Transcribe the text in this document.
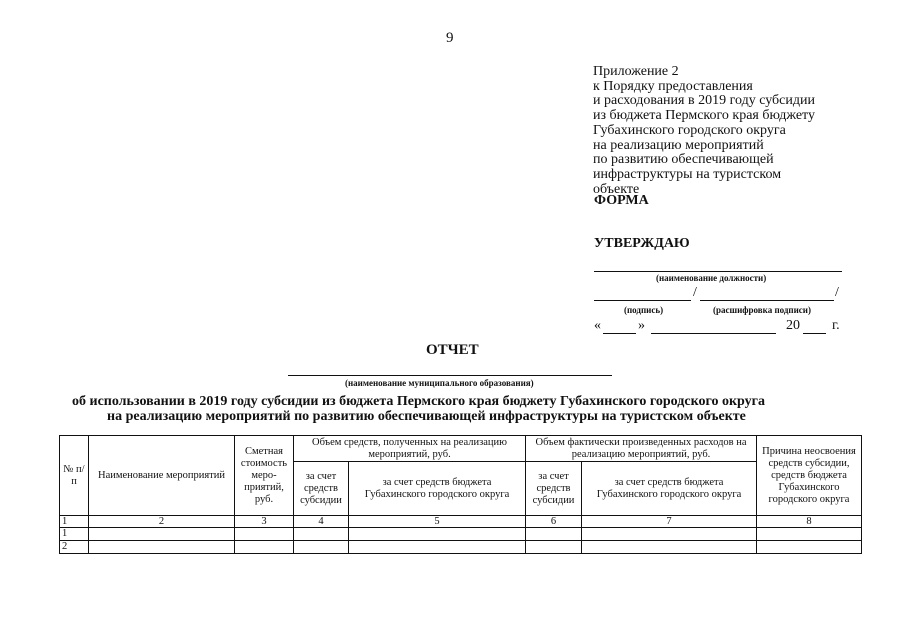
9
Приложение 2
к Порядку предоставления
и расходования в 2019 году субсидии
из бюджета Пермского края бюджету
Губахинского городского округа
на реализацию мероприятий
по развитию обеспечивающей
инфраструктуры на туристском
объекте
ФОРМА
УТВЕРЖДАЮ
(наименование должности)
/	/
(подпись)	(расшифровка подписи)
«	»	20 г.
ОТЧЕТ
(наименование муниципального образования)
об использовании в 2019 году субсидии из бюджета Пермского края бюджету Губахинского городского округа
на реализацию мероприятий по развитию обеспечивающей инфраструктуры на туристском объекте
№ п/п	Наименование мероприятий	Сметная стоимость меро-приятий, руб.	Объем средств, полученных на реализацию мероприятий, руб.		Объем фактически произведенных расходов на реализацию мероприятий, руб.		Причина неосвоения средств субсидии, средств бюджета Губахинского городского округа
			за счет средств субсидии	за счет средств бюджета Губахинского городского округа	за счет средств субсидии	за счет средств бюджета Губахинского городского округа	
1	2	3	4	5	6	7	8
1							
2							
